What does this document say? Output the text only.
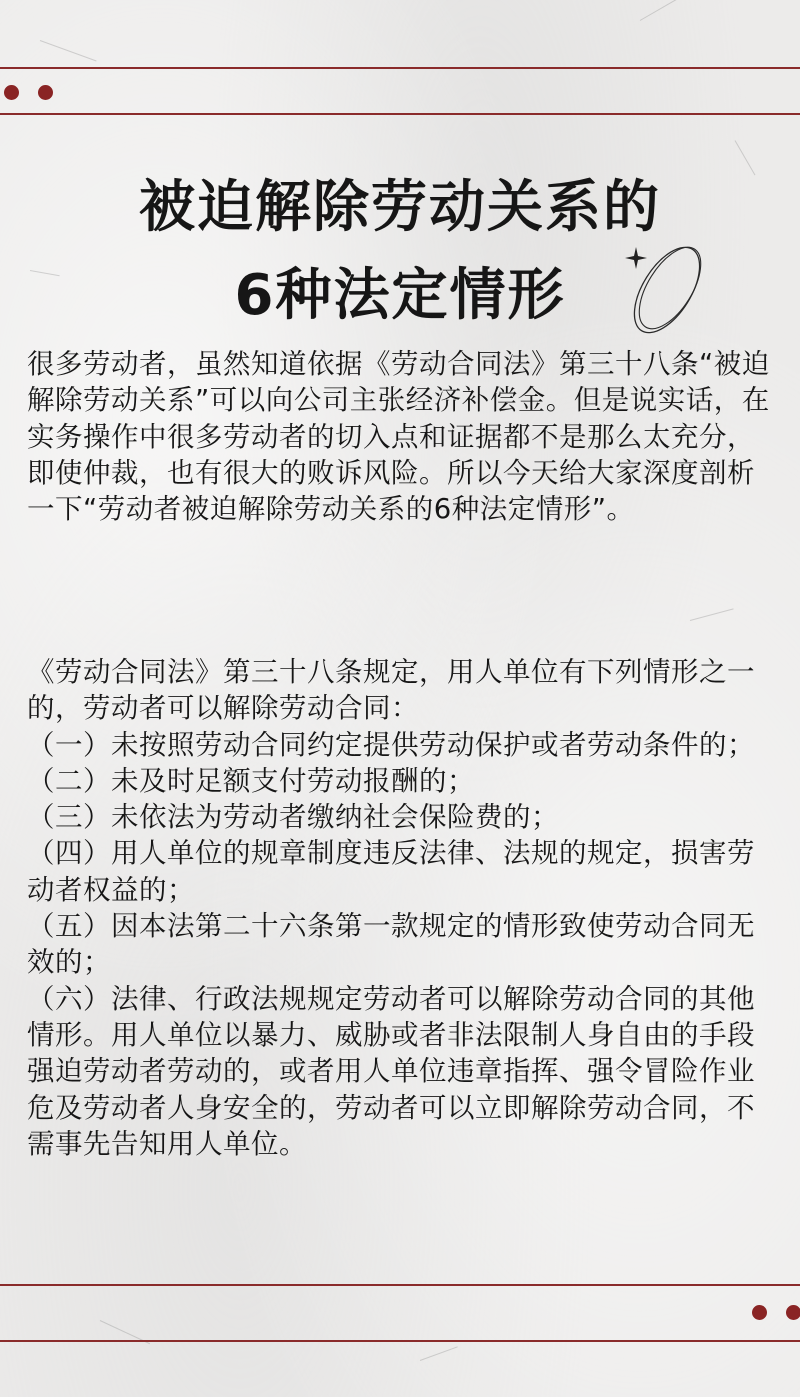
被迫解除劳动关系的
6种法定情形

很多劳动者，虽然知道依据《劳动合同法》第三十八条“被迫解除劳动关系”可以向公司主张经济补偿金。但是说实话，在实务操作中很多劳动者的切入点和证据都不是那么太充分，即使仲裁，也有很大的败诉风险。所以今天给大家深度剖析一下“劳动者被迫解除劳动关系的6种法定情形”。

《劳动合同法》第三十八条规定，用人单位有下列情形之一的，劳动者可以解除劳动合同：

（一）未按照劳动合同约定提供劳动保护或者劳动条件的；（二）未及时足额支付劳动报酬的；

（三）未依法为劳动者缴纳社会保险费的；

（四）用人单位的规章制度违反法律、法规的规定，损害劳动者权益的；

（五）因本法第二十六条第一款规定的情形致使劳动合同无效的；

（六）法律、行政法规规定劳动者可以解除劳动合同的其他情形。用人单位以暴力、威胁或者非法限制人身自由的手段强迫劳动者劳动的，或者用人单位违章指挥、强令冒险作业危及劳动者人身安全的，劳动者可以立即解除劳动合同，不需事先告知用人单位。
